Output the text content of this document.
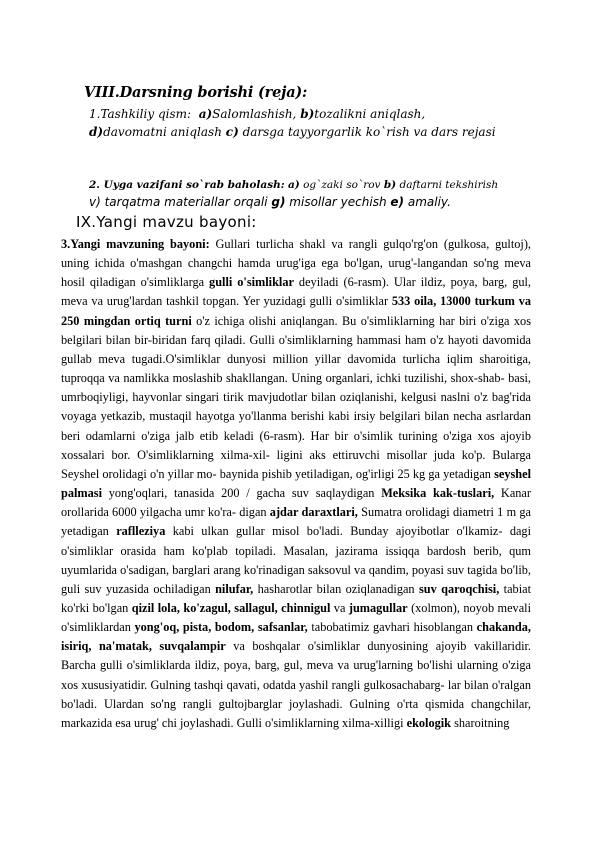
VIII.Darsning borishi (reja):
1.Tashkiliy qism: a)Salomlashish, b)tozalikni aniqlash,
d)davomatni aniqlash c) darsga tayyorgarlik ko`rish va dars rejasi
2. Uyga vazifani so`rab baholash: a) og`zaki so`rov b) daftarni tekshirish
v) tarqatma materiallar orqali g) misollar yechish e) amaliy.
IX.Yangi mavzu bayoni:
3.Yangi mavzuning bayoni: Gullari turlicha shakl va rangli gulqo'rg'on (gulkosa, gultoj), uning ichida o'mashgan changchi hamda urug'iga ega bo'lgan, urug'-langandan so'ng meva hosil qiladigan o'simliklarga gulli o'simliklar deyiladi (6-rasm). Ular ildiz, poya, barg, gul, meva va urug'lardan tashkil topgan. Yer yuzidagi gulli o'simliklar 533 oila, 13000 turkum va 250 mingdan ortiq turni o'z ichiga olishi aniqlangan. Bu o'simliklarning har biri o'ziga xos belgilari bilan bir-biridan farq qiladi. Gulli o'simliklarning hammasi ham o'z hayoti davomida gullab meva tugadi.O'simliklar dunyosi million yillar davomida turlicha iqlim sharoitiga, tuproqqa va namlikka moslashib shakllangan. Uning organlari, ichki tuzilishi, shox-shab- basi, umrboqiyligi, hayvonlar singari tirik mavjudotlar bilan oziqlanishi, kelgusi naslni o'z bag'rida voyaga yetkazib, mustaqil hayotga yo'llanma berishi kabi irsiy belgilari bilan necha asrlardan beri odamlarni o'ziga jalb etib keladi (6-rasm). Har bir o'simlik turining o'ziga xos ajoyib xossalari bor. O'simliklarning xilma-xil- ligini aks ettiruvchi misollar juda ko'p. Bularga Seyshel orolidagi o'n yillar mo- baynida pishib yetiladigan, og'irligi 25 kg ga yetadigan seyshel palmasi yong'oqlari, tanasida 200 / gacha suv saqlaydigan Meksika kak-tuslari, Kanar orollarida 6000 yilgacha umr ko'ra- digan ajdar daraxtlari, Sumatra orolidagi diametri 1 m ga yetadigan raflleziya kabi ulkan gullar misol bo'ladi. Bunday ajoyibotlar o'lkamiz- dagi o'simliklar orasida ham ko'plab topiladi. Masalan, jazirama issiqqa bardosh berib, qum uyumlarida o'sadigan, barglari arang ko'rinadigan saksovul va qandim, poyasi suv tagida bo'lib, guli suv yuzasida ochiladigan nilufar, hasharotlar bilan oziqlanadigan suv qaroqchisi, tabiat ko'rki bo'lgan qizil lola, ko'zagul, sallagul, chinnigul va jumagullar (xolmon), noyob mevali o'simliklardan yong'oq, pista, bodom, safsanlar, tabobatimiz gavhari hisoblangan chakanda, isiriq, na'matak, suvqalampir va boshqalar o'simliklar dunyosining ajoyib vakillaridir. Barcha gulli o'simliklarda ildiz, poya, barg, gul, meva va urug'larning bo'lishi ularning o'ziga xos xususiyatidir. Gulning tashqi qavati, odatda yashil rangli gulkosachabarg- lar bilan o'ralgan bo'ladi. Ulardan so'ng rangli gultojbarglar joylashadi. Gulning o'rta qismida changchilar, markazida esa urug' chi joylashadi. Gulli o'simliklarning xilma-xilligi ekologik sharoitning
